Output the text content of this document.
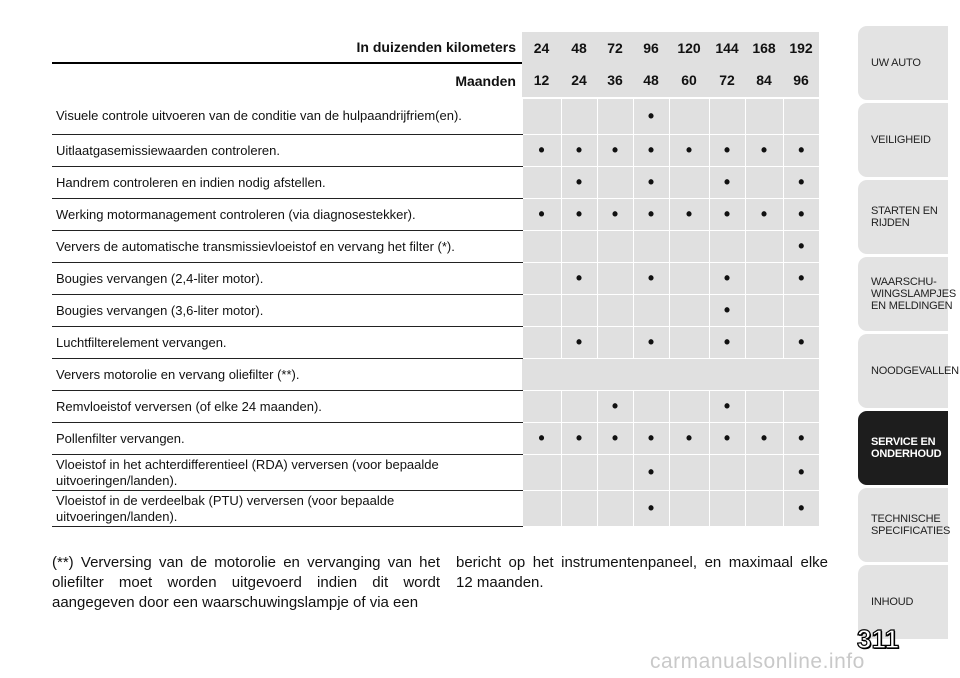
In duizenden kilometers	24	48	72	96	120	144	168	192
Maanden	12	24	36	48	60	72	84	96
Visuele controle uitvoeren van de conditie van de hulpaandrijfriem(en).				•				
Uitlaatgasemissiewaarden controleren.	•	•	•	•	•	•	•	•
Handrem controleren en indien nodig afstellen.		•		•		•		•
Werking motormanagement controleren (via diagnosestekker).	•	•	•	•	•	•	•	•
Ververs de automatische transmissievloeistof en vervang het filter (*).								•
Bougies vervangen (2,4-liter motor).		•		•		•		•
Bougies vervangen (3,6-liter motor).						•		
Luchtfilterelement vervangen.		•		•		•		•
Ververs motorolie en vervang oliefilter (**).								
Remvloeistof verversen (of elke 24 maanden).			•			•		
Pollenfilter vervangen.	•	•	•	•	•	•	•	•
Vloeistof in het achterdifferentieel (RDA) verversen (voor bepaalde uitvoeringen/landen).				•				•
Vloeistof in de verdeelbak (PTU) verversen (voor bepaalde uitvoeringen/landen).				•				•
(**) Verversing van de motorolie en vervanging van het oliefilter moet worden uitgevoerd indien dit wordt aangegeven door een waarschuwingslampje of via een
bericht op het instrumentenpaneel, en maximaal elke 12 maanden.
UW AUTO
VEILIGHEID
STARTEN EN
RIJDEN
WAARSCHU-
WINGSLAMPJES
EN MELDINGEN
NOODGEVALLEN
SERVICE EN
ONDERHOUD
TECHNISCHE
SPECIFICATIES
INHOUD
311
carmanualsonline.info
